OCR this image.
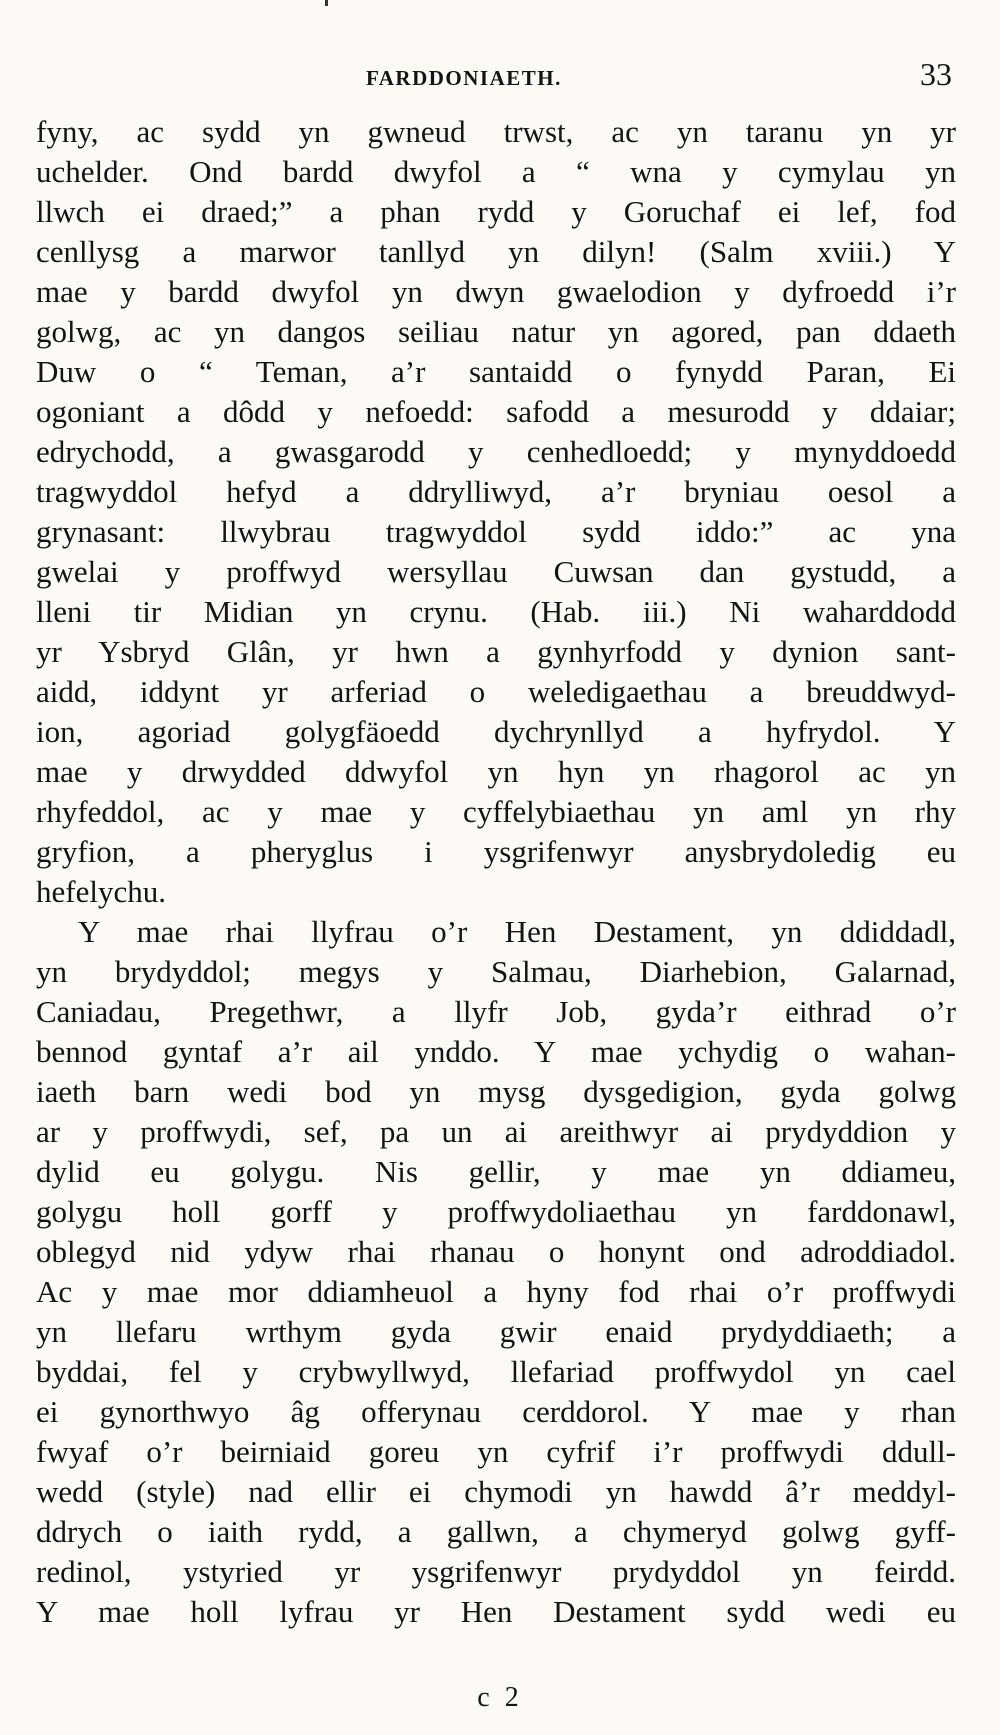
FARDDONIAETH.	33
fyny, ac sydd yn gwneud trwst, ac yn taranu yn yr
uchelder. Ond bardd dwyfol a “ wna y cymylau yn
llwch ei draed;” a phan rydd y Goruchaf ei lef, fod
cenllysg a marwor tanllyd yn dilyn! (Salm xviii.) Y
mae y bardd dwyfol yn dwyn gwaelodion y dyfroedd i’r
golwg, ac yn dangos seiliau natur yn agored, pan ddaeth
Duw o “ Teman, a’r santaidd o fynydd Paran, Ei
ogoniant a dôdd y nefoedd: safodd a mesurodd y ddaiar;
edrychodd, a gwasgarodd y cenhedloedd; y mynyddoedd
tragwyddol hefyd a ddrylliwyd, a’r bryniau oesol a
grynasant: llwybrau tragwyddol sydd iddo:” ac yna
gwelai y proffwyd wersyllau Cuwsan dan gystudd, a
lleni tir Midian yn crynu. (Hab. iii.) Ni waharddodd
yr Ysbryd Glân, yr hwn a gynhyrfodd y dynion sant-
aidd, iddynt yr arferiad o weledigaethau a breuddwyd-
ion, agoriad golygfäoedd dychrynllyd a hyfrydol. Y
mae y drwydded ddwyfol yn hyn yn rhagorol ac yn
rhyfeddol, ac y mae y cyffelybiaethau yn aml yn rhy
gryfion, a pheryglus i ysgrifenwyr anysbrydoledig eu
hefelychu.
Y mae rhai llyfrau o’r Hen Destament, yn ddiddadl,
yn brydyddol; megys y Salmau, Diarhebion, Galarnad,
Caniadau, Pregethwr, a llyfr Job, gyda’r eithrad o’r
bennod gyntaf a’r ail ynddo. Y mae ychydig o wahan-
iaeth barn wedi bod yn mysg dysgedigion, gyda golwg
ar y proffwydi, sef, pa un ai areithwyr ai prydyddion y
dylid eu golygu. Nis gellir, y mae yn ddiameu,
golygu holl gorff y proffwydoliaethau yn farddonawl,
oblegyd nid ydyw rhai rhanau o honynt ond adroddiadol.
Ac y mae mor ddiamheuol a hyny fod rhai o’r proffwydi
yn llefaru wrthym gyda gwir enaid prydyddiaeth; a
byddai, fel y crybwyllwyd, llefariad proffwydol yn cael
ei gynorthwyo âg offerynau cerddorol. Y mae y rhan
fwyaf o’r beirniaid goreu yn cyfrif i’r proffwydi ddull-
wedd (style) nad ellir ei chymodi yn hawdd â’r meddyl-
ddrych o iaith rydd, a gallwn, a chymeryd golwg gyff-
redinol, ystyried yr ysgrifenwyr prydyddol yn feirdd.
Y mae holl lyfrau yr Hen Destament sydd wedi eu
c 2
